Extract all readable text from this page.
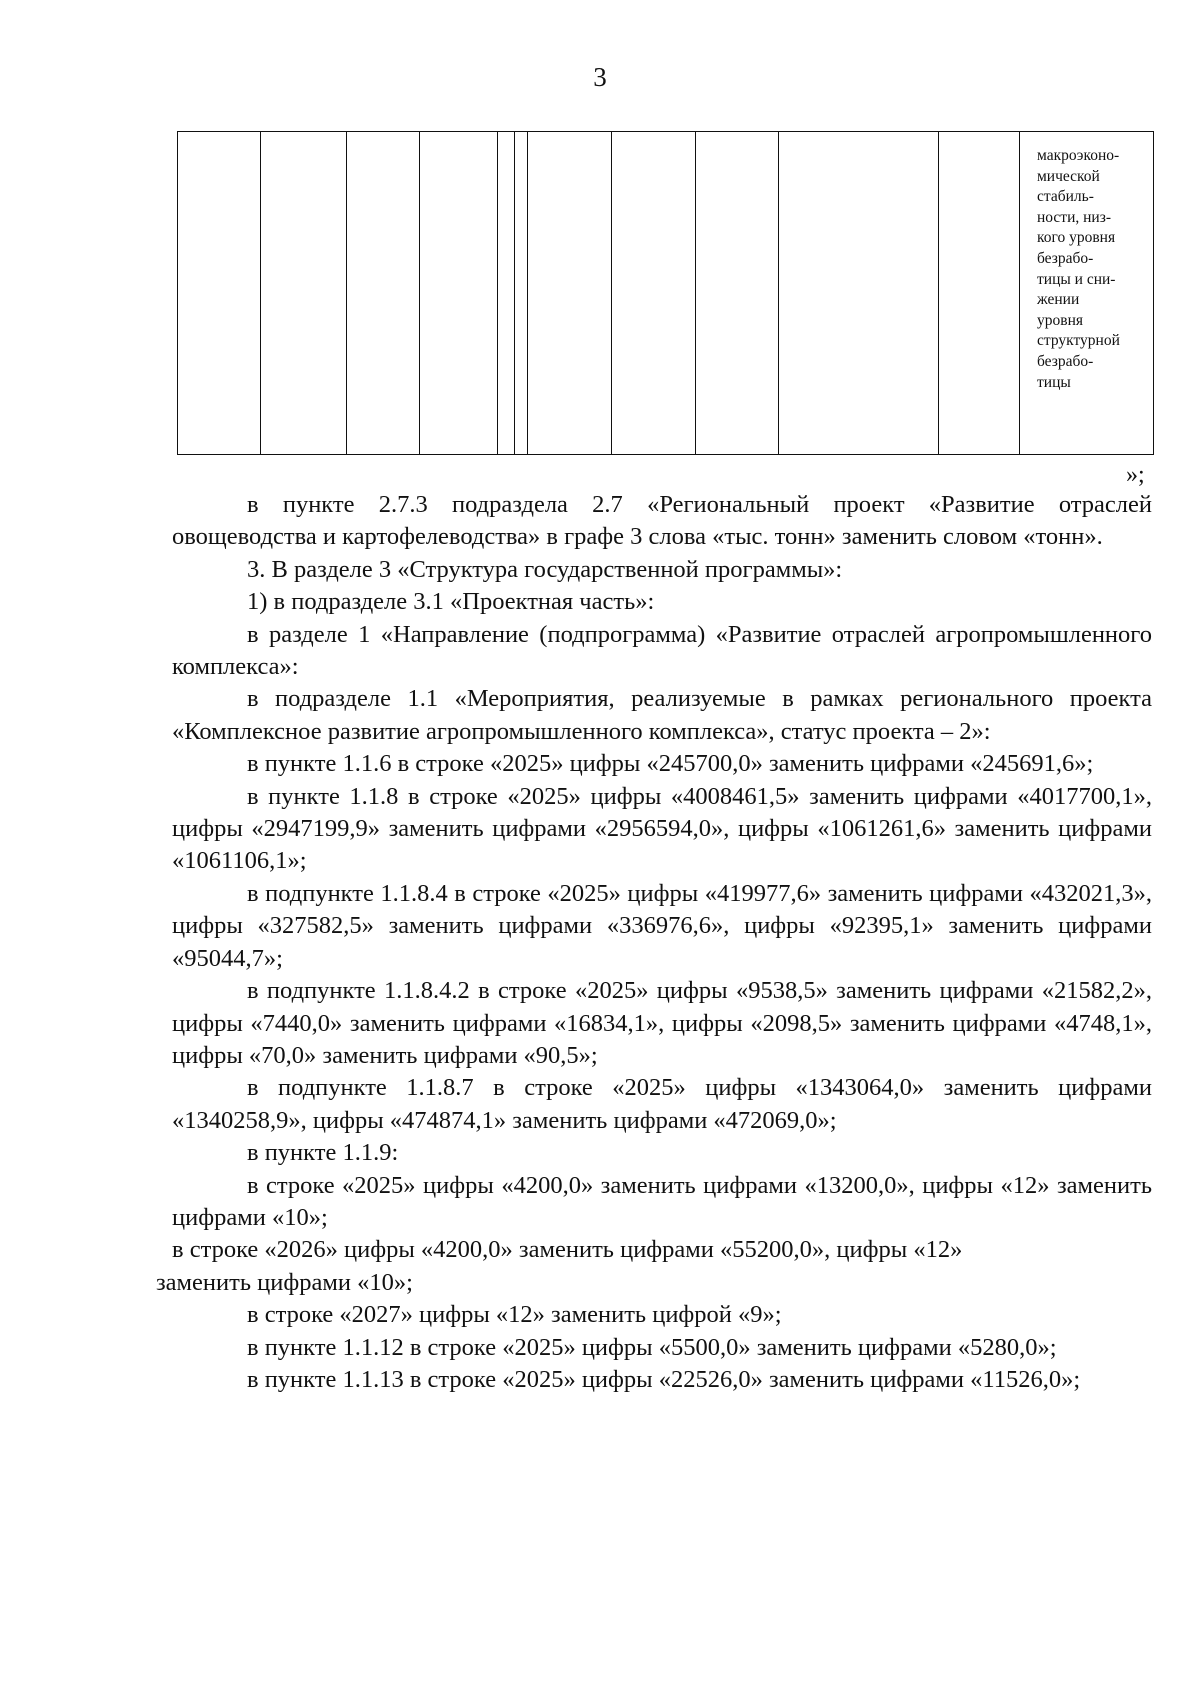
3
макроэконо-
мической
стабиль-
ности, низ-
кого уровня
безрабо-
тицы и сни-
жении
уровня
структурной
безрабо-
тицы
»;

в пункте 2.7.3 подраздела 2.7 «Региональный проект «Развитие отраслей овощеводства и картофелеводства» в графе 3 слова «тыс. тонн» заменить словом «тонн».

3. В разделе 3 «Структура государственной программы»:

1) в подразделе 3.1 «Проектная часть»:

в разделе 1 «Направление (подпрограмма) «Развитие отраслей агропромышленного комплекса»:

в подразделе 1.1 «Мероприятия, реализуемые в рамках регионального проекта «Комплексное развитие агропромышленного комплекса», статус проекта – 2»:

в пункте 1.1.6 в строке «2025» цифры «245700,0» заменить цифрами «245691,6»;

в пункте 1.1.8 в строке «2025» цифры «4008461,5» заменить цифрами «4017700,1», цифры «2947199,9» заменить цифрами «2956594,0», цифры «1061261,6» заменить цифрами «1061106,1»;

в подпункте 1.1.8.4 в строке «2025» цифры «419977,6» заменить цифрами «432021,3», цифры «327582,5» заменить цифрами «336976,6», цифры «92395,1» заменить цифрами «95044,7»;

в подпункте 1.1.8.4.2 в строке «2025» цифры «9538,5» заменить цифрами «21582,2», цифры «7440,0» заменить цифрами «16834,1», цифры «2098,5» заменить цифрами «4748,1», цифры «70,0» заменить цифрами «90,5»;

в подпункте 1.1.8.7 в строке «2025» цифры «1343064,0» заменить цифрами «1340258,9», цифры «474874,1» заменить цифрами «472069,0»;

в пункте 1.1.9:

в строке «2025» цифры «4200,0» заменить цифрами «13200,0», цифры «12» заменить цифрами «10»;

в строке «2026» цифры «4200,0» заменить цифрами «55200,0», цифры «12»

заменить цифрами «10»;

в строке «2027» цифры «12» заменить цифрой «9»;

в пункте 1.1.12 в строке «2025» цифры «5500,0» заменить цифрами «5280,0»;

в пункте 1.1.13 в строке «2025» цифры «22526,0» заменить цифрами «11526,0»;
